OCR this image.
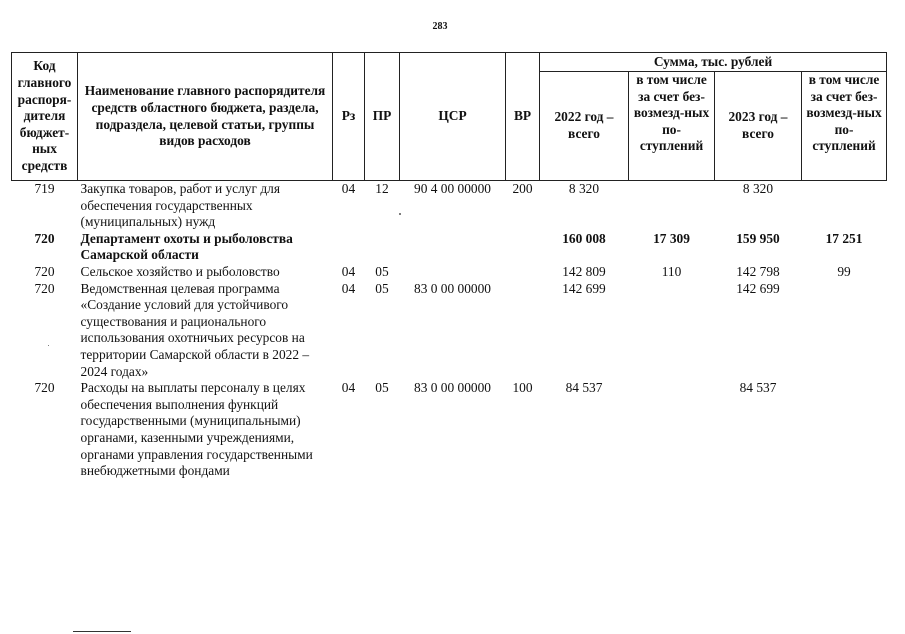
283
Код главного распоря-дителя бюджет-ных средств	Наименование главного распорядителя средств областного бюджета, раздела, подраздела, целевой статьи, группы видов расходов	Рз	ПР	ЦСР	ВР	Сумма, тыс. рублей			
						2022 год – всего	в том числе за счет без-возмезд-ных по-ступлений	2023 год – всего	в том числе за счет без-возмезд-ных по-ступлений
719	Закупка товаров, работ и услуг для обеспечения государственных (муниципальных) нужд	04	12	90 4 00 00000	200	8 320		8 320	
720	Департамент охоты и рыболовства Самарской области					160 008	17 309	159 950	17 251
720	Сельское хозяйство и рыболовство	04	05			142 809	110	142 798	99
720	Ведомственная целевая программа «Создание условий для устойчивого существования и рационального использования охотничьих ресурсов на территории Самарской области в 2022 – 2024 годах»	04	05	83 0 00 00000		142 699		142 699	
720	Расходы на выплаты персоналу в целях обеспечения выполнения функций государственными (муниципальными) органами, казенными учреждениями, органами управления государственными внебюджетными фондами	04	05	83 0 00 00000	100	84 537		84 537	
